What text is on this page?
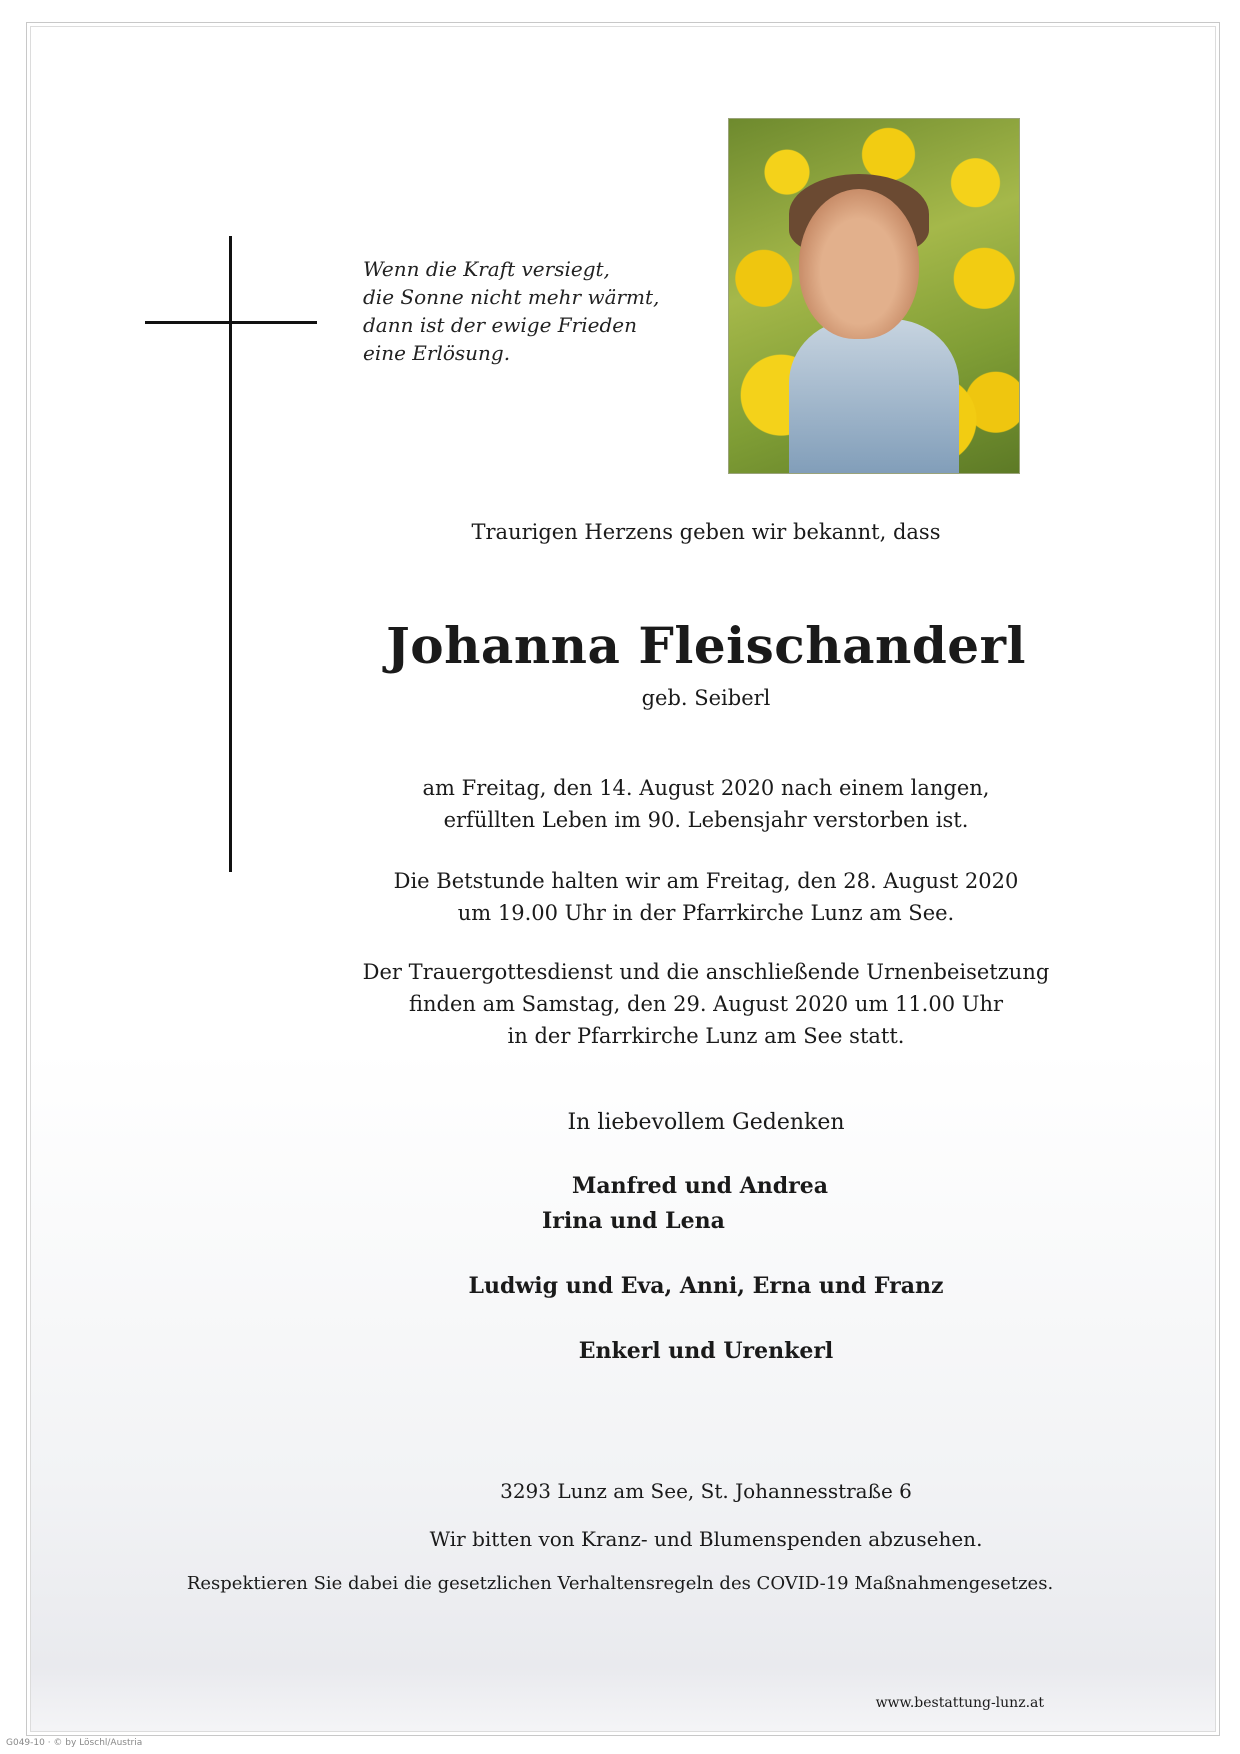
Wenn die Kraft versiegt,
die Sonne nicht mehr wärmt,
dann ist der ewige Frieden
eine Erlösung.
Traurigen Herzens geben wir bekannt, dass
Johanna Fleischanderl
geb. Seiberl
am Freitag, den 14. August 2020 nach einem langen,
erfüllten Leben im 90. Lebensjahr verstorben ist.
Die Betstunde halten wir am Freitag, den 28. August 2020
um 19.00 Uhr in der Pfarrkirche Lunz am See.
Der Trauergottesdienst und die anschließende Urnenbeisetzung
finden am Samstag, den 29. August 2020 um 11.00 Uhr
in der Pfarrkirche Lunz am See statt.
In liebevollem Gedenken
Manfred und Andrea
Irina und Lena
Ludwig und Eva, Anni, Erna und Franz
Enkerl und Urenkerl
3293 Lunz am See, St. Johannesstraße 6
Wir bitten von Kranz- und Blumenspenden abzusehen.
Respektieren Sie dabei die gesetzlichen Verhaltensregeln des COVID-19 Maßnahmengesetzes.
www.bestattung-lunz.at
G049-10 · © by Löschl/Austria
